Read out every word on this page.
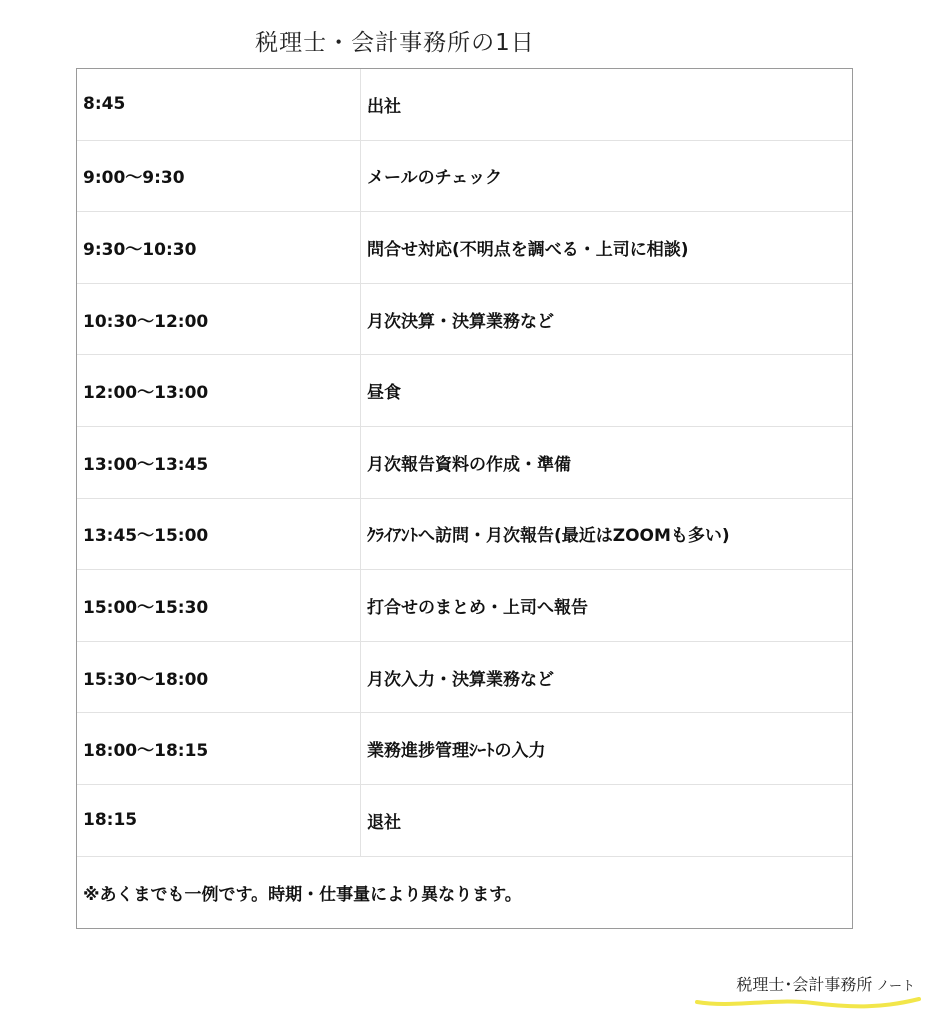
税理士・会計事務所の1日
8:45	出社
9:00～9:30	メールのチェック
9:30～10:30	問合せ対応(不明点を調べる・上司に相談)
10:30～12:00	月次決算・決算業務など
12:00～13:00	昼食
13:00～13:45	月次報告資料の作成・準備
13:45～15:00	ｸﾗｲｱﾝﾄへ訪問・月次報告(最近はZOOMも多い)
15:00～15:30	打合せのまとめ・上司へ報告
15:30～18:00	月次入力・決算業務など
18:00～18:15	業務進捗管理ｼｰﾄの入力
18:15	退社
※あくまでも一例です。時期・仕事量により異なります。
税理士･会計事務所 ノート
